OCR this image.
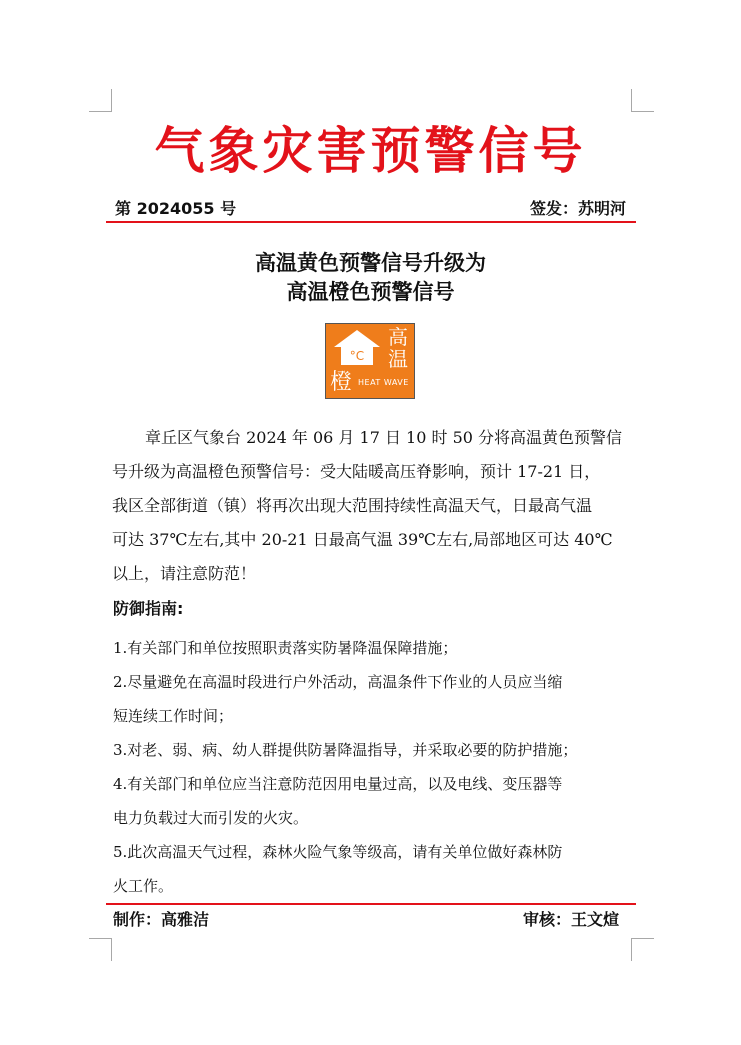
气象灾害预警信号
第 2024055 号	签发：苏明河
高温黄色预警信号升级为
高温橙色预警信号
°C
橙
高温
HEAT WAVE
章丘区气象台 2024 年 06 月 17 日 10 时 50 分将高温黄色预警信
号升级为高温橙色预警信号：受大陆暖高压脊影响，预计 17-21 日，
我区全部街道（镇）将再次出现大范围持续性高温天气，日最高气温
可达 37℃左右,其中 20-21 日最高气温 39℃左右,局部地区可达 40℃
以上，请注意防范！
防御指南:
1.有关部门和单位按照职责落实防暑降温保障措施；
2.尽量避免在高温时段进行户外活动，高温条件下作业的人员应当缩
短连续工作时间；
3.对老、弱、病、幼人群提供防暑降温指导，并采取必要的防护措施；
4.有关部门和单位应当注意防范因用电量过高，以及电线、变压器等
电力负载过大而引发的火灾。
5.此次高温天气过程，森林火险气象等级高，请有关单位做好森林防
火工作。
制作：高雅洁	审核：王文煊
